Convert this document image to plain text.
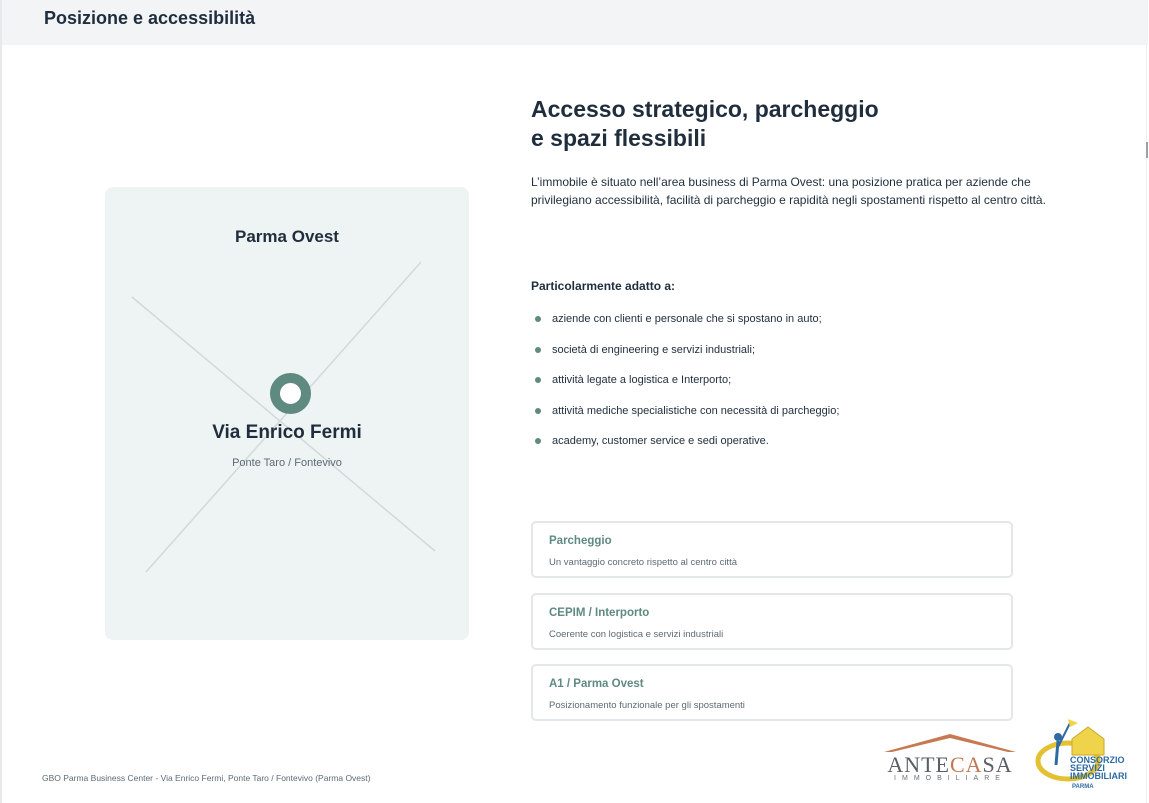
Posizione e accessibilità
Parma Ovest
Via Enrico Fermi
Ponte Taro / Fontevivo
Accesso strategico, parcheggio
e spazi flessibili

L’immobile è situato nell’area business di Parma Ovest: una posizione pratica per aziende che privilegiano accessibilità, facilità di parcheggio e rapidità negli spostamenti rispetto al centro città.

Particolarmente adatto a:

aziende con clienti e personale che si spostano in auto;
società di engineering e servizi industriali;
attività legate a logistica e Interporto;
attività mediche specialistiche con necessità di parcheggio;
academy, customer service e sedi operative.
Parcheggio
Un vantaggio concreto rispetto al centro città
CEPIM / Interporto
Coerente con logistica e servizi industriali
A1 / Parma Ovest
Posizionamento funzionale per gli spostamenti
GBO Parma Business Center - Via Enrico Fermi, Ponte Taro / Fontevivo (Parma Ovest)
ANTECASA
IMMOBILIARE
CONSORZIO
SERVIZI
IMMOBILIARI
PARMA
